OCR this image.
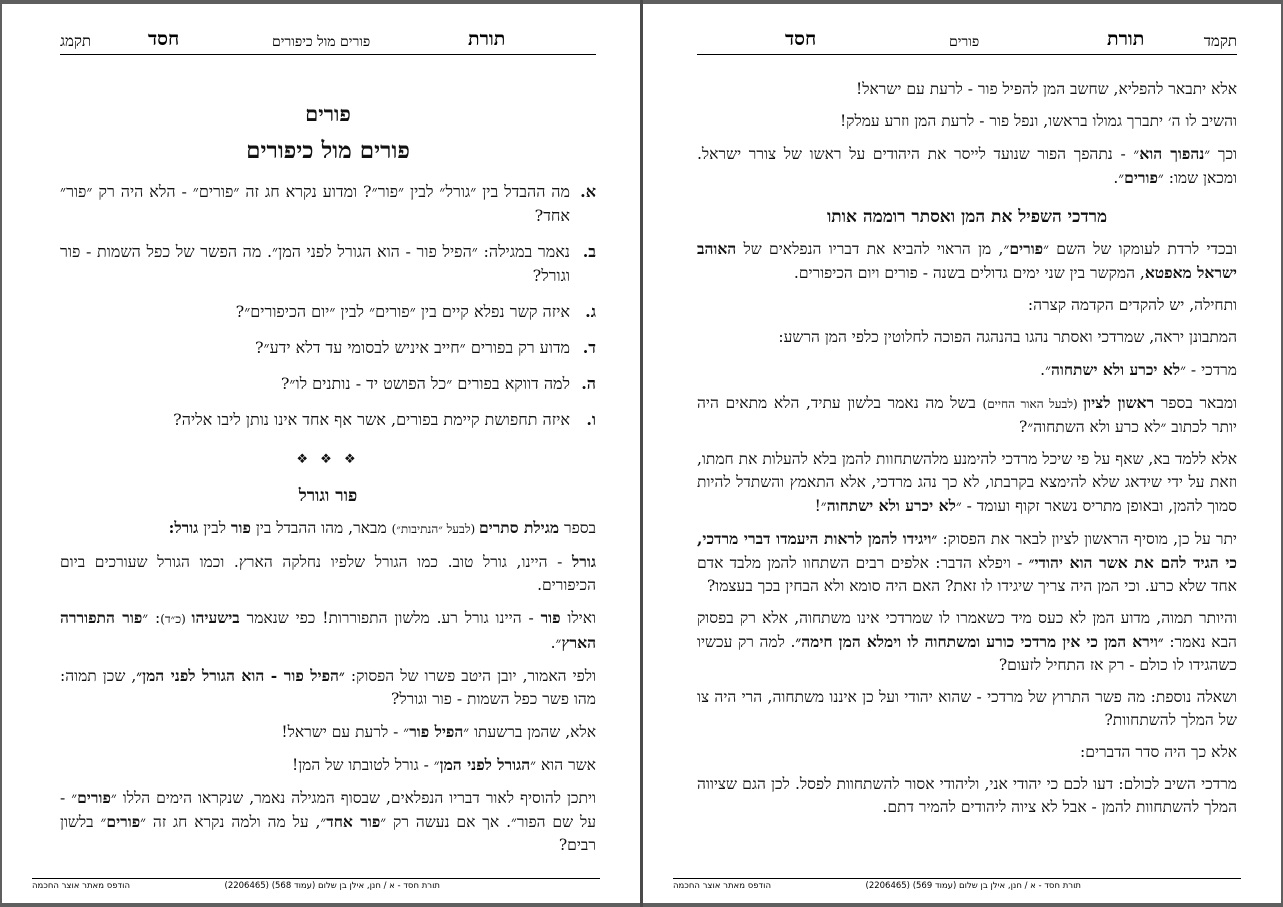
תקמג	חסד	פורים מול כיפורים	תורת
פורים
פורים מול כיפורים
א.
מה ההבדל בין ״גורל״ לבין ״פור״? ומדוע נקרא חג זה ״פורים״ - הלא היה רק ״פור״ אחד?
ב.
נאמר במגילה: ״הפיל פור - הוא הגורל לפני המן״. מה הפשר של כפל השמות - פור וגורל?
ג.
איזה קשר נפלא קיים בין ״פורים״ לבין ״יום הכיפורים״?
ד.
מדוע רק בפורים ״חייב איניש לבסומי עד דלא ידע״?
ה.
למה דווקא בפורים ״כל הפושט יד - נותנים לו״?
ו.
איזה תחפושת קיימת בפורים, אשר אף אחד אינו נותן ליבו אליה?
❖ ❖ ❖
פור וגורל

בספר מגילת סתרים (לבעל ״הנתיבות״) מבאר, מהו ההבדל בין פור לבין גורל:

גורל - היינו, גורל טוב. כמו הגורל שלפיו נחלקה הארץ. וכמו הגורל שעורכים ביום הכיפורים.

ואילו פור - היינו גורל רע. מלשון התפוררות! כפי שנאמר בישעיהו (כ״ד): ״פור התפוררה הארץ״.

ולפי האמור, יובן היטב פשרו של הפסוק: ״הפיל פור - הוא הגורל לפני המן״, שכן תמוה: מהו פשר כפל השמות - פור וגורל?

אלא, שהמן ברשעתו ״הפיל פור״ - לרעת עם ישראל!

אשר הוא ״הגורל לפני המן״ - גורל לטובתו של המן!

ויתכן להוסיף לאור דבריו הנפלאים, שבסוף המגילה נאמר, שנקראו הימים הללו ״פורים״ - על שם הפור״. אך אם נעשה רק ״פור אחד״, על מה ולמה נקרא חג זה ״פורים״ בלשון רבים?

הודפס מאתר אוצר החכמה	תורת חסד - א / חנן, אילן בן שלום (עמוד 568) (2206465)
חסד	פורים	תורת	תקמד

אלא יתבאר להפליא, שחשב המן להפיל פור - לרעת עם ישראל!

והשיב לו ה׳ יתברך גמולו בראשו, ונפל פור - לרעת המן וזרע עמלק!

וכך ״נהפוך הוא״ - נתהפך הפור שנועד לייסר את היהודים על ראשו של צורר ישראל. ומכאן שמו: ״פורים״.

מרדכי השפיל את המן ואסתר רוממה אותו

ובכדי לרדת לעומקו של השם ״פורים״, מן הראוי להביא את דבריו הנפלאים של האוהב ישראל מאפטא, המקשר בין שני ימים גדולים בשנה - פורים ויום הכיפורים.

ותחילה, יש להקדים הקדמה קצרה:

המתבונן יראה, שמרדכי ואסתר נהגו בהנהגה הפוכה לחלוטין כלפי המן הרשע:

מרדכי - ״לא יכרע ולא ישתחוה״.

ומבאר בספר ראשון לציון (לבעל האור החיים) בשל מה נאמר בלשון עתיד, הלא מתאים היה יותר לכתוב ״לא כרע ולא השתחוה״?

אלא ללמד בא, שאף על פי שיכל מרדכי להימנע מלהשתחוות להמן בלא להעלות את חמתו, וזאת על ידי שידאג שלא להימצא בקרבתו, לא כך נהג מרדכי, אלא התאמץ והשתדל להיות סמוך להמן, ובאופן מתריס נשאר זקוף ועומד - ״לא יכרע ולא ישתחוה״!

יתר על כן, מוסיף הראשון לציון לבאר את הפסוק: ״ויגידו להמן לראות היעמדו דברי מרדכי, כי הגיד להם את אשר הוא יהודי״ - ויפלא הדבר: אלפים רבים השתחוו להמן מלבד אדם אחד שלא כרע. וכי המן היה צריך שיגידו לו זאת? האם היה סומא ולא הבחין בכך בעצמו?

והיותר תמוה, מדוע המן לא כעס מיד כשאמרו לו שמרדכי אינו משתחוה, אלא רק בפסוק הבא נאמר: ״וירא המן כי אין מרדכי כורע ומשתחוה לו וימלא המן חימה״. למה רק עכשיו כשהגידו לו כולם - רק אז התחיל לזעום?

ושאלה נוספת: מה פשר התרוץ של מרדכי - שהוא יהודי ועל כן איננו משתחוה, הרי היה צו של המלך להשתחוות?

אלא כך היה סדר הדברים:

מרדכי השיב לכולם: דעו לכם כי יהודי אני, וליהודי אסור להשתחוות לפסל. לכן הגם שציווה המלך להשתחוות להמן - אבל לא ציוה ליהודים להמיר דתם.

הודפס מאתר אוצר החכמה	תורת חסד - א / חנן, אילן בן שלום (עמוד 569) (2206465)
